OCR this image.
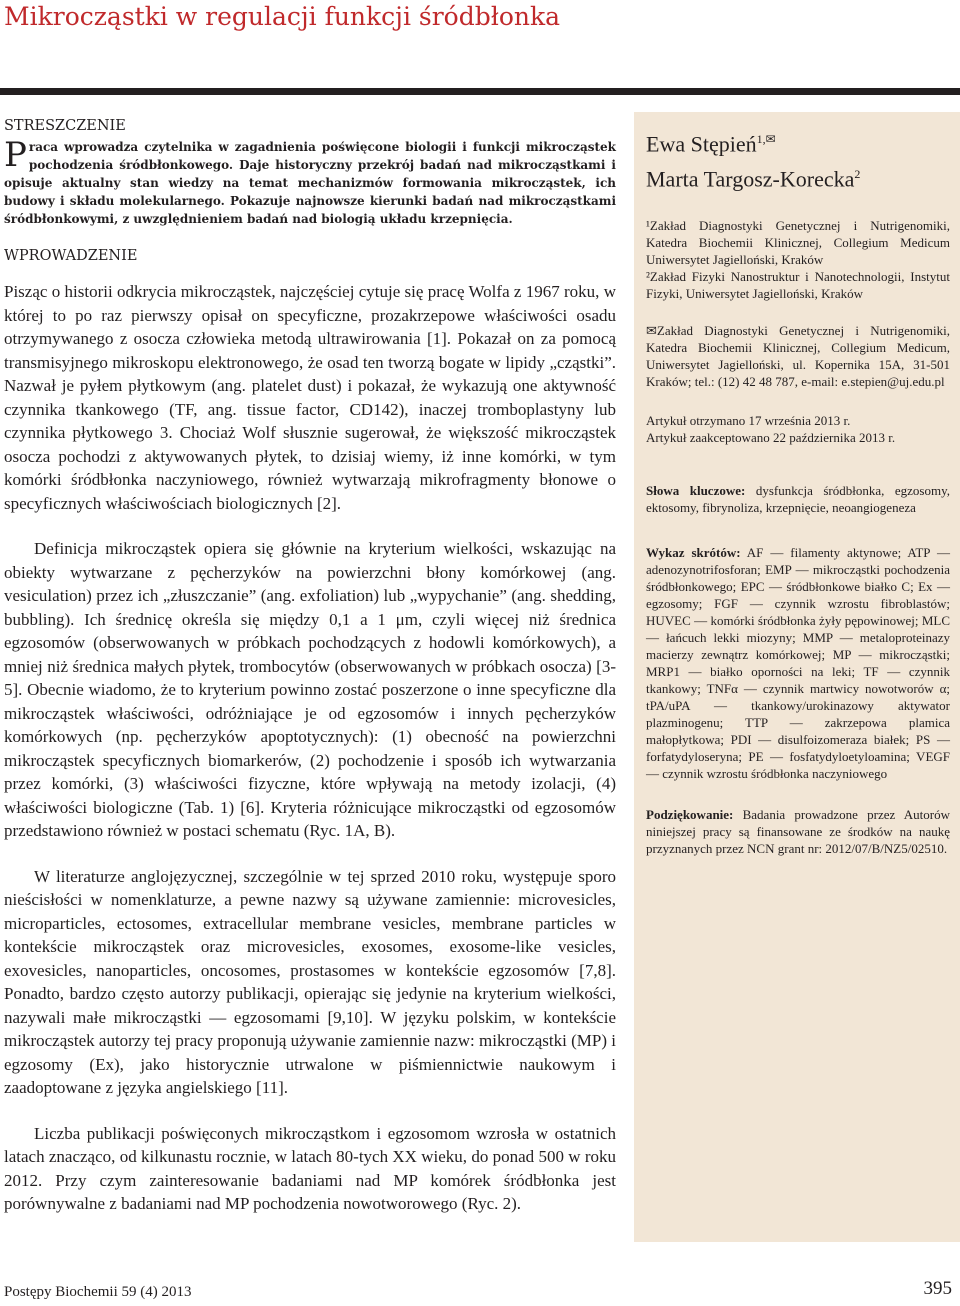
Mikrocząstki w regulacji funkcji śródbłonka
STRESZCZENIE
Praca wprowadza czytelnika w zagadnienia poświęcone biologii i funkcji mikrocząstek pochodzenia śródbłonkowego. Daje historyczny przekrój badań nad mikrocząstkami i opisuje aktualny stan wiedzy na temat mechanizmów formowania mikrocząstek, ich budowy i składu molekularnego. Pokazuje najnowsze kierunki badań nad mikrocząstkami śródbłonkowymi, z uwzględnieniem badań nad biologią układu krzepnięcia.
WPROWADZENIE

Pisząc o historii odkrycia mikrocząstek, najczęściej cytuje się pracę Wolfa z 1967 roku, w której to po raz pierwszy opisał on specyficzne, prozakrzepowe właściwości osadu otrzymywanego z osocza człowieka metodą ultrawirowania [1]. Pokazał on za pomocą transmisyjnego mikroskopu elektronowego, że osad ten tworzą bogate w lipidy „cząstki”. Nazwał je pyłem płytkowym (ang. platelet dust) i pokazał, że wykazują one aktywność czynnika tkankowego (TF, ang. tissue factor, CD142), inaczej tromboplastyny lub czynnika płytkowego 3. Chociaż Wolf słusznie sugerował, że większość mikrocząstek osocza pochodzi z aktywowanych płytek, to dzisiaj wiemy, iż inne komórki, w tym komórki śródbłonka naczyniowego, również wytwarzają mikrofragmenty błonowe o specyficznych właściwościach biologicznych [2].

Definicja mikrocząstek opiera się głównie na kryterium wielkości, wskazując na obiekty wytwarzane z pęcherzyków na powierzchni błony komórkowej (ang. vesiculation) przez ich „złuszczanie” (ang. exfoliation) lub „wypychanie” (ang. shedding, bubbling). Ich średnicę określa się między 0,1 a 1 μm, czyli więcej niż średnica egzosomów (obserwowanych w próbkach pochodzących z hodowli komórkowych), a mniej niż średnica małych płytek, trombocytów (obserwowanych w próbkach osocza) [3-5]. Obecnie wiadomo, że to kryterium powinno zostać poszerzone o inne specyficzne dla mikrocząstek właściwości, odróżniające je od egzosomów i innych pęcherzyków komórkowych (np. pęcherzyków apoptotycznych): (1) obecność na powierzchni mikrocząstek specyficznych biomarkerów, (2) pochodzenie i sposób ich wytwarzania przez komórki, (3) właściwości fizyczne, które wpływają na metody izolacji, (4) właściwości biologiczne (Tab. 1) [6]. Kryteria różnicujące mikrocząstki od egzosomów przedstawiono również w postaci schematu (Ryc. 1A, B).

W literaturze anglojęzycznej, szczególnie w tej sprzed 2010 roku, występuje sporo nieścisłości w nomenklaturze, a pewne nazwy są używane zamiennie: microvesicles, microparticles, ectosomes, extracellular membrane vesicles, membrane particles w kontekście mikrocząstek oraz microvesicles, exosomes, exosome-like vesicles, exovesicles, nanoparticles, oncosomes, prostasomes w kontekście egzosomów [7,8]. Ponadto, bardzo często autorzy publikacji, opierając się jedynie na kryterium wielkości, nazywali małe mikrocząstki — egzosomami [9,10]. W języku polskim, w kontekście mikrocząstek autorzy tej pracy proponują używanie zamiennie nazw: mikrocząstki (MP) i egzosomy (Ex), jako historycznie utrwalone w piśmiennictwie naukowym i zaadoptowane z języka angielskiego [11].

Liczba publikacji poświęconych mikrocząstkom i egzosomom wzrosła w ostatnich latach znacząco, od kilkunastu rocznie, w latach 80-tych XX wieku, do ponad 500 w roku 2012. Przy czym zainteresowanie badaniami nad MP komórek śródbłonka jest porównywalne z badaniami nad MP pochodzenia nowotworowego (Ryc. 2).

Ewa Stępień$^{1,✉}$
Marta Targosz-Korecka$^2$
¹Zakład Diagnostyki Genetycznej i Nutrigenomiki, Katedra Biochemii Klinicznej, Collegium Medicum Uniwersytet Jagielloński, Kraków
²Zakład Fizyki Nanostruktur i Nanotechnologii, Instytut Fizyki, Uniwersytet Jagielloński, Kraków
✉Zakład Diagnostyki Genetycznej i Nutrigenomiki, Katedra Biochemii Klinicznej, Collegium Medicum, Uniwersytet Jagielloński, ul. Kopernika 15A, 31-501 Kraków; tel.: (12) 42 48 787, e-mail: e.stepien@uj.edu.pl
Artykuł otrzymano 17 września 2013 r.
Artykuł zaakceptowano 22 października 2013 r.
Słowa kluczowe: dysfunkcja śródbłonka, egzosomy, ektosomy, fibrynoliza, krzepnięcie, neoangiogeneza
Wykaz skrótów: AF — filamenty aktynowe; ATP — adenozynotrifosforan; EMP — mikrocząstki pochodzenia śródbłonkowego; EPC — śródbłonkowe białko C; Ex — egzosomy; FGF — czynnik wzrostu fibroblastów; HUVEC — komórki śródbłonka żyły pępowinowej; MLC — łańcuch lekki miozyny; MMP — metaloproteinazy macierzy zewnątrz komórkowej; MP — mikrocząstki; MRP1 — białko oporności na leki; TF — czynnik tkankowy; TNFα — czynnik martwicy nowotworów α; tPA/uPA — tkankowy/urokinazowy aktywator plazminogenu; TTP — zakrzepowa plamica małopłytkowa; PDI — disulfoizomeraza białek; PS — forfatydyloseryna; PE — fosfatydyloetyloamina; VEGF — czynnik wzrostu śródbłonka naczyniowego
Podziękowanie: Badania prowadzone przez Autorów niniejszej pracy są finansowane ze środków na naukę przyznanych przez NCN grant nr: 2012/07/B/NZ5/02510.
Postępy Biochemii 59 (4) 2013	395
